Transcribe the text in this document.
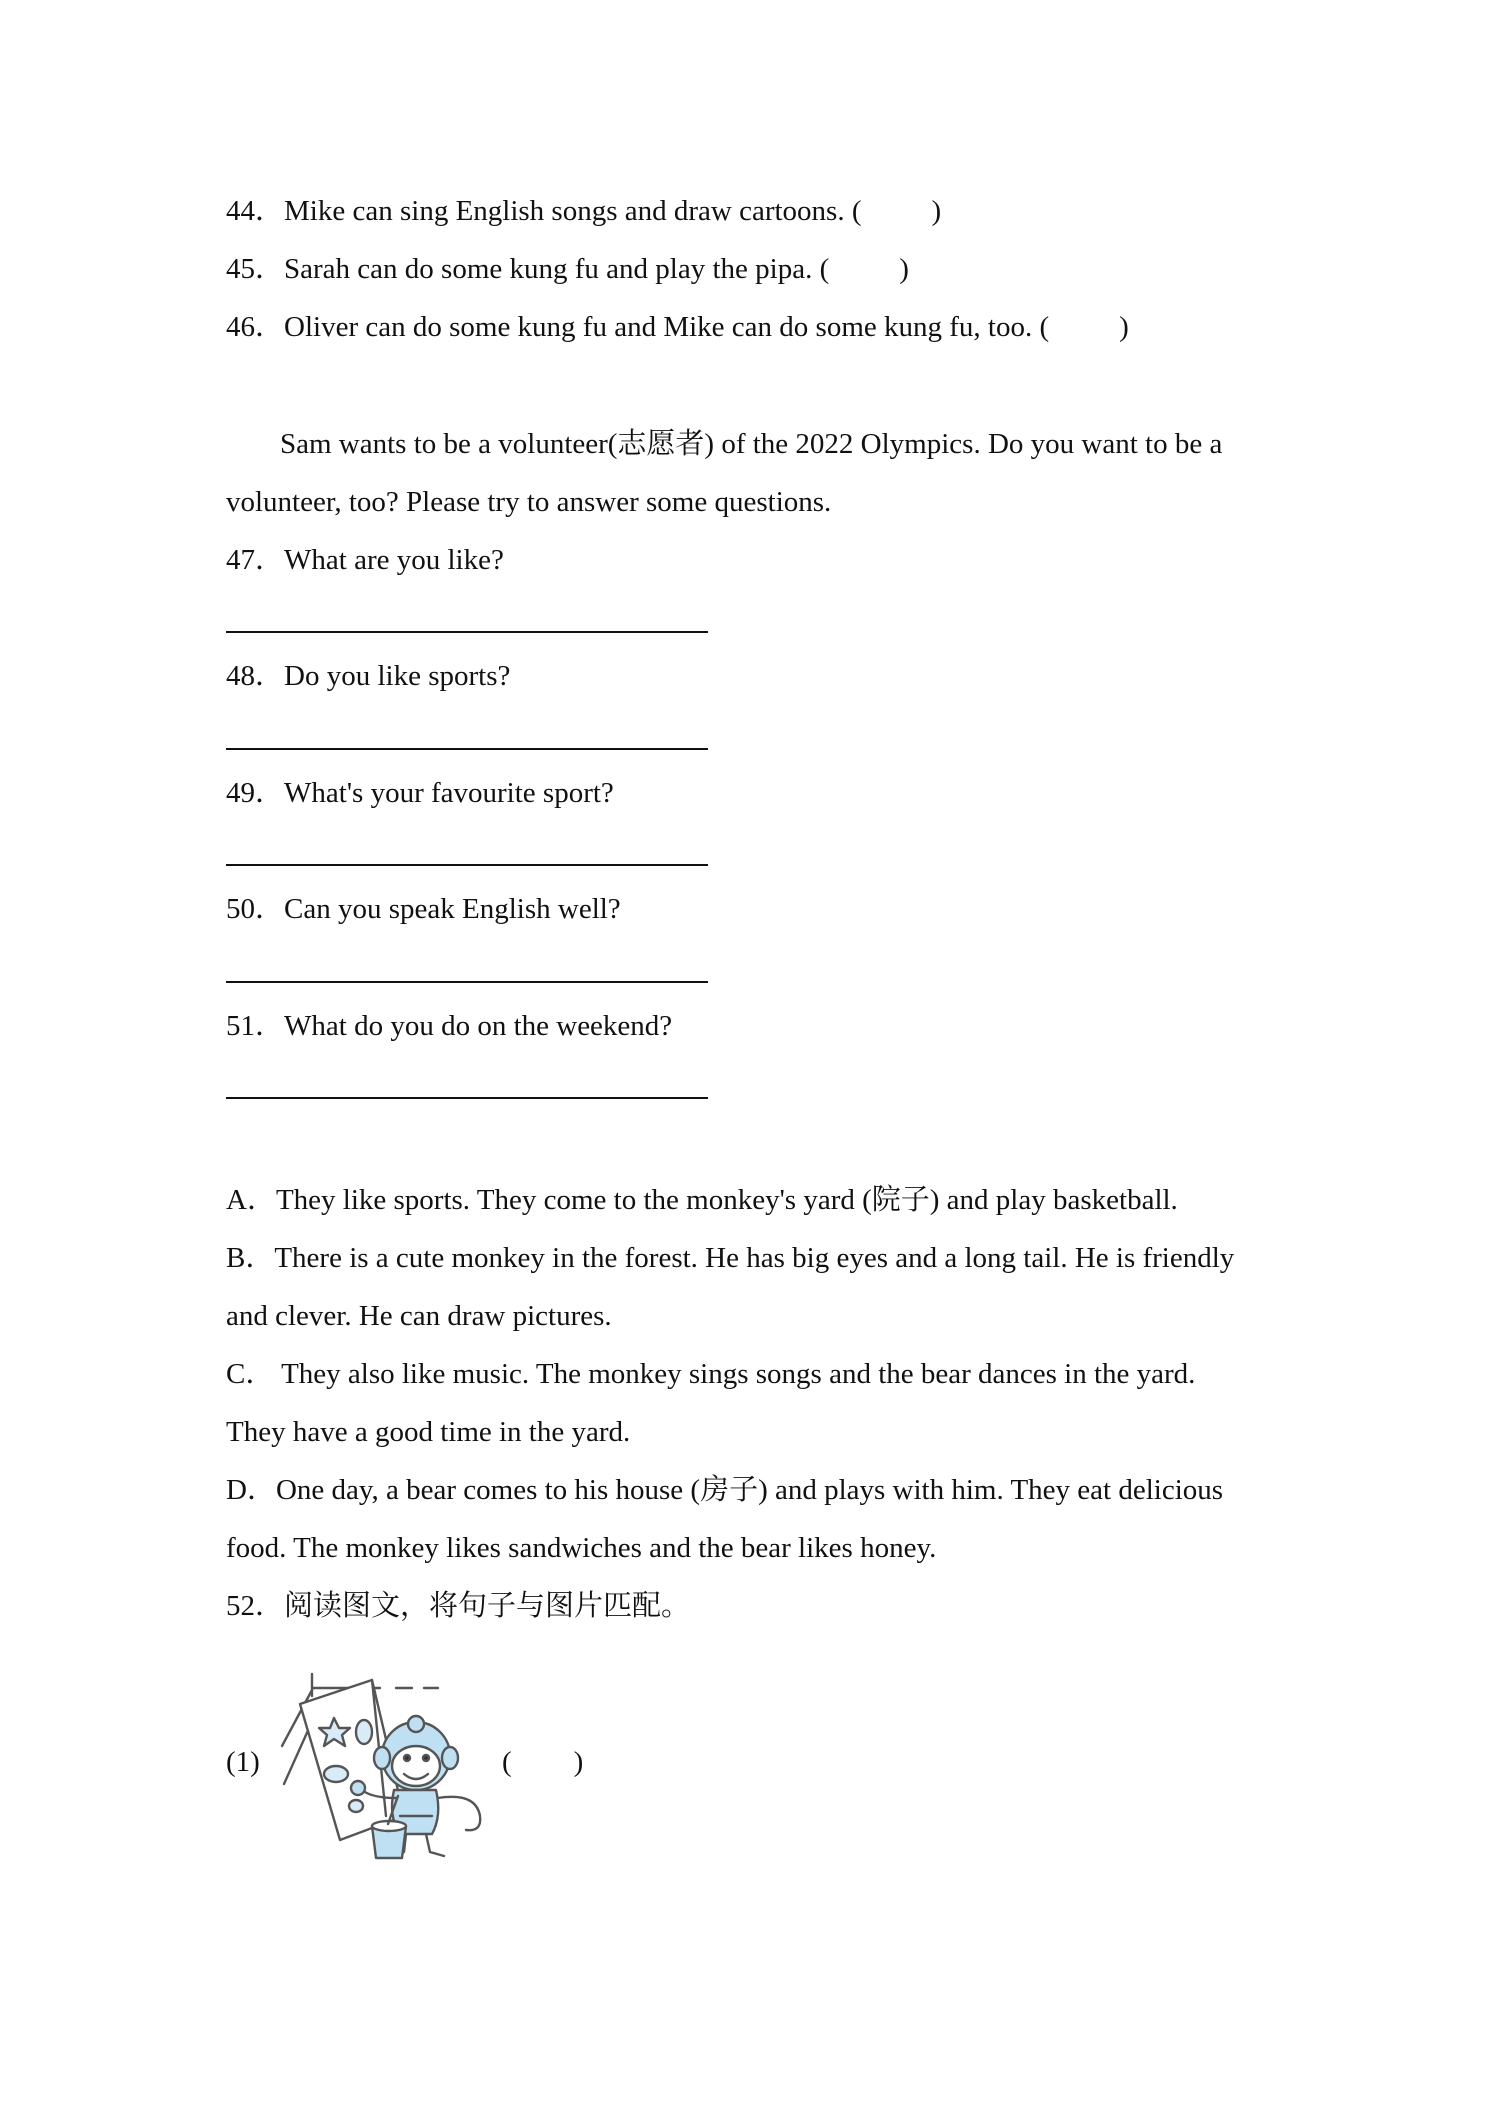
44．Mike can sing English songs and draw cartoons. ( )
45．Sarah can do some kung fu and play the pipa. ( )
46．Oliver can do some kung fu and Mike can do some kung fu, too. ( )
Sam wants to be a volunteer(志愿者) of the 2022 Olympics. Do you want to be a
volunteer, too? Please try to answer some questions.
47．What are you like?
48．Do you like sports?
49．What's your favourite sport?
50．Can you speak English well?
51．What do you do on the weekend?
A．They like sports. They come to the monkey's yard (院子) and play basketball.
B．There is a cute monkey in the forest. He has big eyes and a long tail. He is friendly
and clever. He can draw pictures.
C． They also like music. The monkey sings songs and the bear dances in the yard.
They have a good time in the yard.
D．One day, a bear comes to his house (房子) and plays with him. They eat delicious
food. The monkey likes sandwiches and the bear likes honey.
52．阅读图文，将句子与图片匹配。
(1)	( )
